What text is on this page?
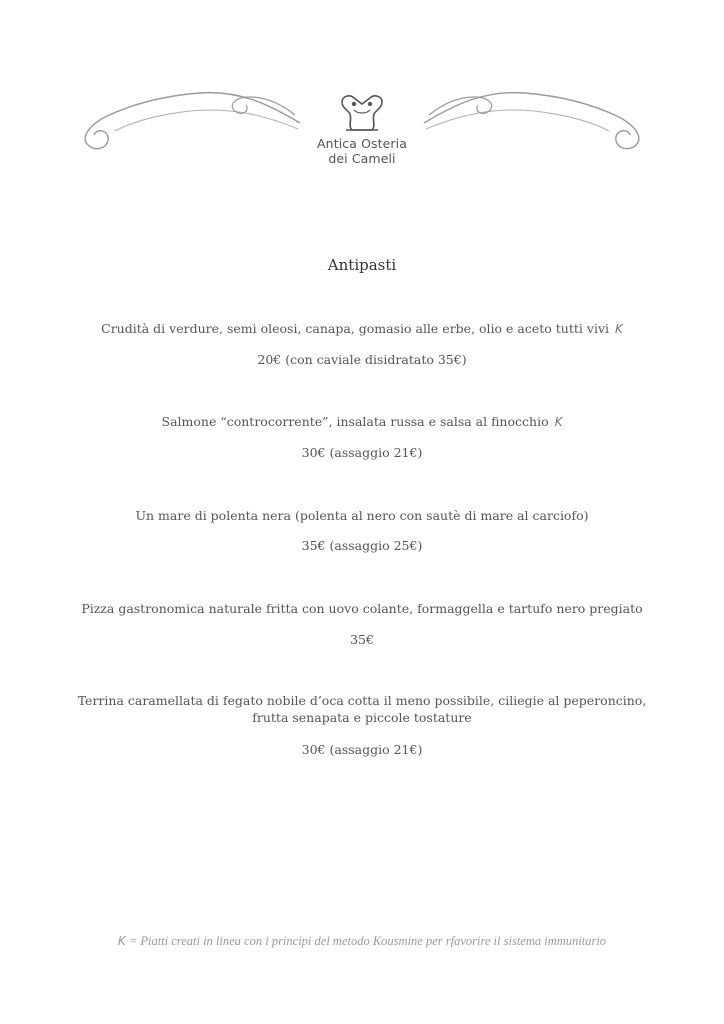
Antica Osteria
dei Cameli
Antipasti
Crudità di verdure, semi oleosi, canapa, gomasio alle erbe, olio e aceto tutti vivi K
20€ (con caviale disidratato 35€)
Salmone “controcorrente”, insalata russa e salsa al finocchio K
30€ (assaggio 21€)
Un mare di polenta nera (polenta al nero con sautè di mare al carciofo)
35€ (assaggio 25€)
Pizza gastronomica naturale fritta con uovo colante, formaggella e tartufo nero pregiato
35€
Terrina caramellata di fegato nobile d’oca cotta il meno possibile, ciliegie al peperoncino,
frutta senapata e piccole tostature
30€ (assaggio 21€)
K = Piatti creati in linea con i principi del metodo Kousmine per rfavorire il sistema immunitario
